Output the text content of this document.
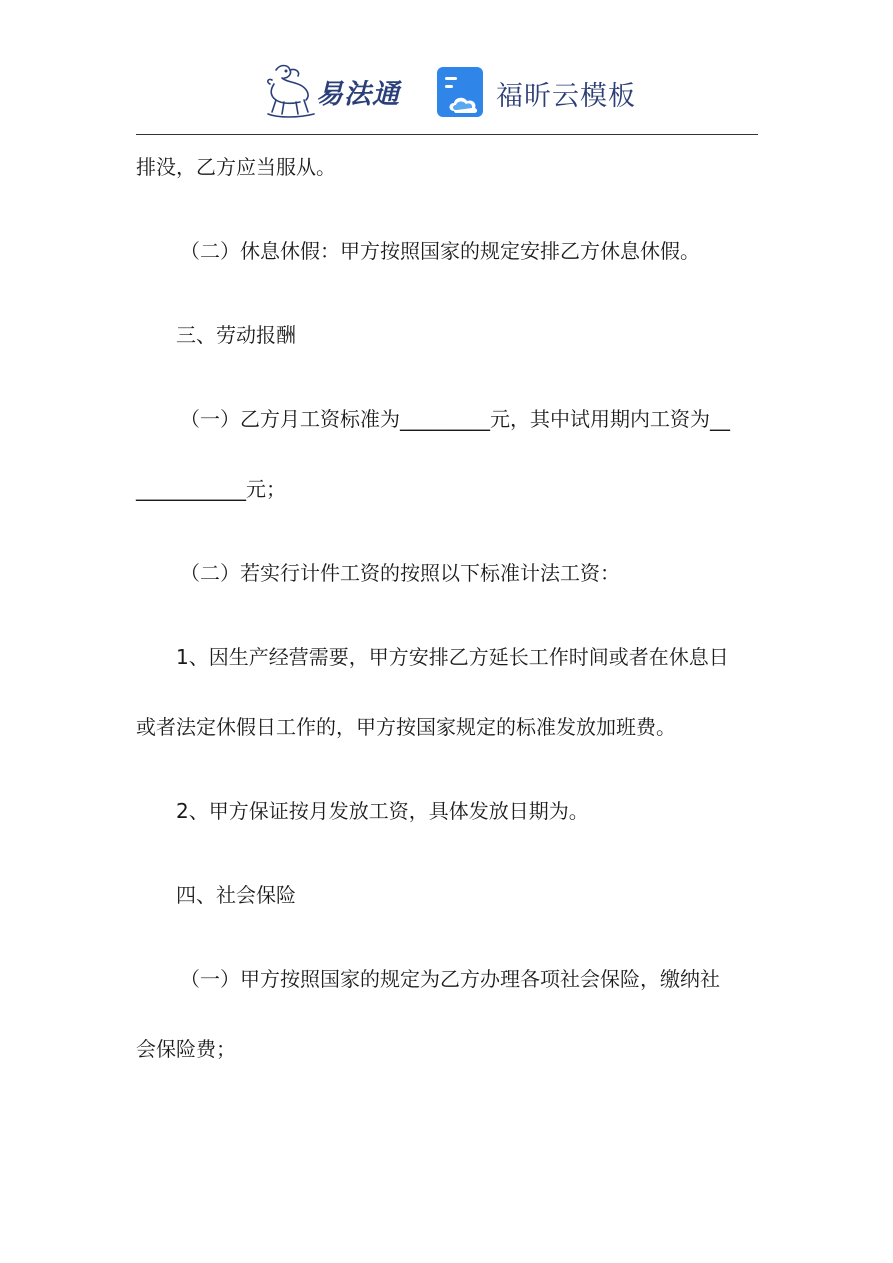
易法通	福昕云模板
排没，乙方应当服从。
（二）休息休假：甲方按照国家的规定安排乙方休息休假。
三、劳动报酬
（一）乙方月工资标准为_________元，其中试用期内工资为__
___________元；
（二）若实行计件工资的按照以下标准计法工资：
1、因生产经营需要，甲方安排乙方延长工作时间或者在休息日
或者法定休假日工作的，甲方按国家规定的标准发放加班费。
2、甲方保证按月发放工资，具体发放日期为。
四、社会保险
（一）甲方按照国家的规定为乙方办理各项社会保险，缴纳社
会保险费；
